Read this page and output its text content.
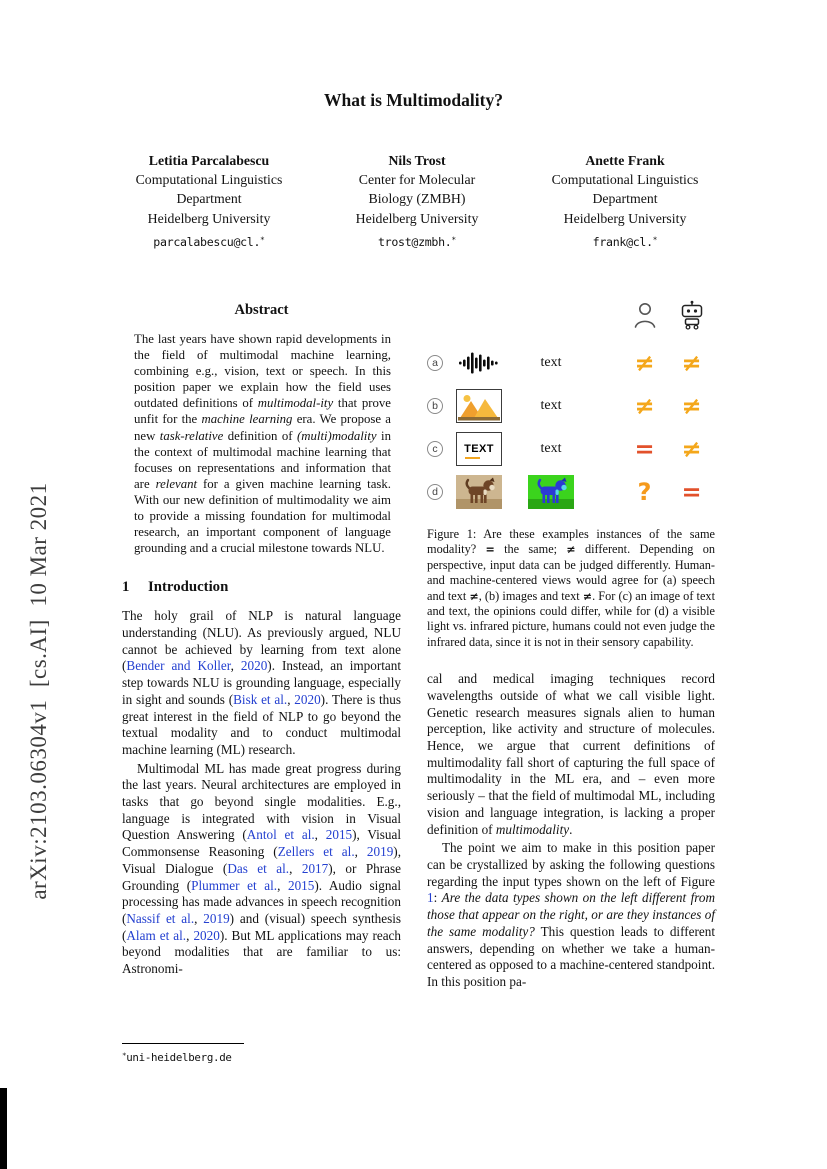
arXiv:2103.06304v1  [cs.AI]  10 Mar 2021
What is Multimodality?
Letitia Parcalabescu
Computational Linguistics
Department
Heidelberg University
parcalabescu@cl.∗
Nils Trost
Center for Molecular
Biology (ZMBH)
Heidelberg University
trost@zmbh.∗
Anette Frank
Computational Linguistics
Department
Heidelberg University
frank@cl.∗
Abstract

The last years have shown rapid developments in the field of multimodal machine learning, combining e.g., vision, text or speech. In this position paper we explain how the field uses outdated definitions of multimodal-ity that prove unfit for the machine learning era. We propose a new task-relative definition of (multi)modality in the context of multimodal machine learning that focuses on representations and information that are relevant for a given machine learning task. With our new definition of multimodality we aim to provide a missing foundation for multimodal research, an important component of language grounding and a crucial milestone towards NLU.

1 Introduction

The holy grail of NLP is natural language understanding (NLU). As previously argued, NLU cannot be achieved by learning from text alone (Bender and Koller, 2020). Instead, an important step towards NLU is grounding language, especially in sight and sounds (Bisk et al., 2020). There is thus great interest in the field of NLP to go beyond the textual modality and to conduct multimodal machine learning (ML) research.

Multimodal ML has made great progress during the last years. Neural architectures are employed in tasks that go beyond single modalities. E.g., language is integrated with vision in Visual Question Answering (Antol et al., 2015), Visual Commonsense Reasoning (Zellers et al., 2019), Visual Dialogue (Das et al., 2017), or Phrase Grounding (Plummer et al., 2015). Audio signal processing has made advances in speech recognition (Nassif et al., 2019) and (visual) speech synthesis (Alam et al., 2020). But ML applications may reach beyond modalities that are familiar to us: Astronomi-

a	text	≠	≠
b	text	≠	≠
c	TEXT	text	=	≠
d	?	=

Figure 1: Are these examples instances of the same modality? = the same; ≠ different. Depending on perspective, input data can be judged differently. Human- and machine-centered views would agree for (a) speech and text ≠, (b) images and text ≠. For (c) an image of text and text, the opinions could differ, while for (d) a visible light vs. infrared picture, humans could not even judge the infrared data, since it is not in their sensory capability.

cal and medical imaging techniques record wavelengths outside of what we call visible light. Genetic research measures signals alien to human perception, like activity and structure of molecules. Hence, we argue that current definitions of multimodality fall short of capturing the full space of multimodality in the ML era, and – even more seriously – that the field of multimodal ML, including vision and language integration, is lacking a proper definition of multimodality.

The point we aim to make in this position paper can be crystallized by asking the following questions regarding the input types shown on the left of Figure 1: Are the data types shown on the left different from those that appear on the right, or are they instances of the same modality? This question leads to different answers, depending on whether we take a human-centered as opposed to a machine-centered standpoint. In this position pa-

∗uni-heidelberg.de
